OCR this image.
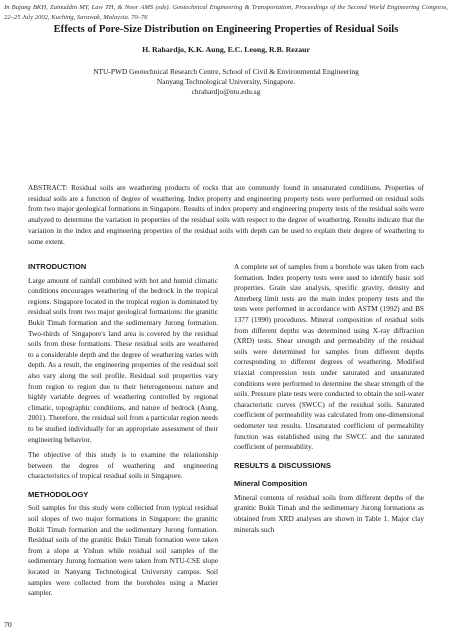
In Bujang BKH, Zainuddin MY, Law TH, & Noor AMS (eds). Geotechnical Engineering & Transportation, Proceedings of the Second World Engineering Congress, 22–25 July 2002, Kuching, Sarawak, Malaysia. 70–76
Effects of Pore-Size Distribution on Engineering Properties of Residual Soils
H. Rahardjo, K.K. Aung, E.C. Leong, R.B. Rezaur
NTU-PWD Geotechnical Research Centre, School of Civil & Environmental Engineering
Nanyang Technological University, Singapore.
chrahardjo@ntu.edu.sg
ABSTRACT: Residual soils are weathering products of rocks that are commonly found in unsaturated conditions. Properties of residual soils are a function of degree of weathering. Index property and engineering property tests were performed on residual soils from two major geological formations in Singapore. Results of index property and engineering property tests of the residual soils were analyzed to determine the variation in properties of the residual soils with respect to the degree of weathering. Results indicate that the variation in the index and engineering properties of the residual soils with depth can be used to explain their degree of weathering to some extent.
INTRODUCTION

Large amount of rainfall combined with hot and humid climatic conditions encourages weathering of the bedrock in the tropical regions. Singapore located in the tropical region is dominated by residual soils from two major geological formations: the granitic Bukit Timah formation and the sedimentary Jurong formation. Two-thirds of Singapore's land area is covered by the residual soils from these formations. These residual soils are weathered to a considerable depth and the degree of weathering varies with depth. As a result, the engineering properties of the residual soil also vary along the soil profile. Residual soil properties vary from region to region due to their heterogeneous nature and highly variable degrees of weathering controlled by regional climatic, topographic conditions, and nature of bedrock (Aung, 2001). Therefore, the residual soil from a particular region needs to be studied individually for an appropriate assessment of their engineering behavior.

The objective of this study is to examine the relationship between the degree of weathering and engineering characteristics of tropical residual soils in Singapore.

METHODOLOGY

Soil samples for this study were collected from typical residual soil slopes of two major formations in Singapore: the granitic Bukit Timah formation and the sedimentary Jurong formation. Residual soils of the granitic Bukit Timah formation were taken from a slope at Yishun while residual soil samples of the sedimentary Jurong formation were taken from NTU-CSE slope located in Nanyang Technological University campus. Soil samples were collected from the boreholes using a Mazier sampler.

A complete set of samples from a borehole was taken from each formation. Index property tests were used to identify basic soil properties. Grain size analysis, specific gravity, density and Atterberg limit tests are the main index property tests and the tests were performed in accordance with ASTM (1992) and BS 1377 (1990) procedures. Mineral composition of residual soils from different depths was determined using X-ray diffraction (XRD) tests. Shear strength and permeability of the residual soils were determined for samples from different depths corresponding to different degrees of weathering. Modified triaxial compression tests under saturated and unsaturated conditions were performed to determine the shear strength of the soils. Pressure plate tests were conducted to obtain the soil-water characteristic curves (SWCC) of the residual soils. Saturated coefficient of permeability was calculated from one-dimensional oedometer test results. Unsaturated coefficient of permeability function was established using the SWCC and the saturated coefficient of permeability.

RESULTS & DISCUSSIONS
Mineral Composition

Mineral contents of residual soils from different depths of the granitic Bukit Timah and the sedimentary Jurong formations as obtained from XRD analyses are shown in Table 1. Major clay minerals such

70
